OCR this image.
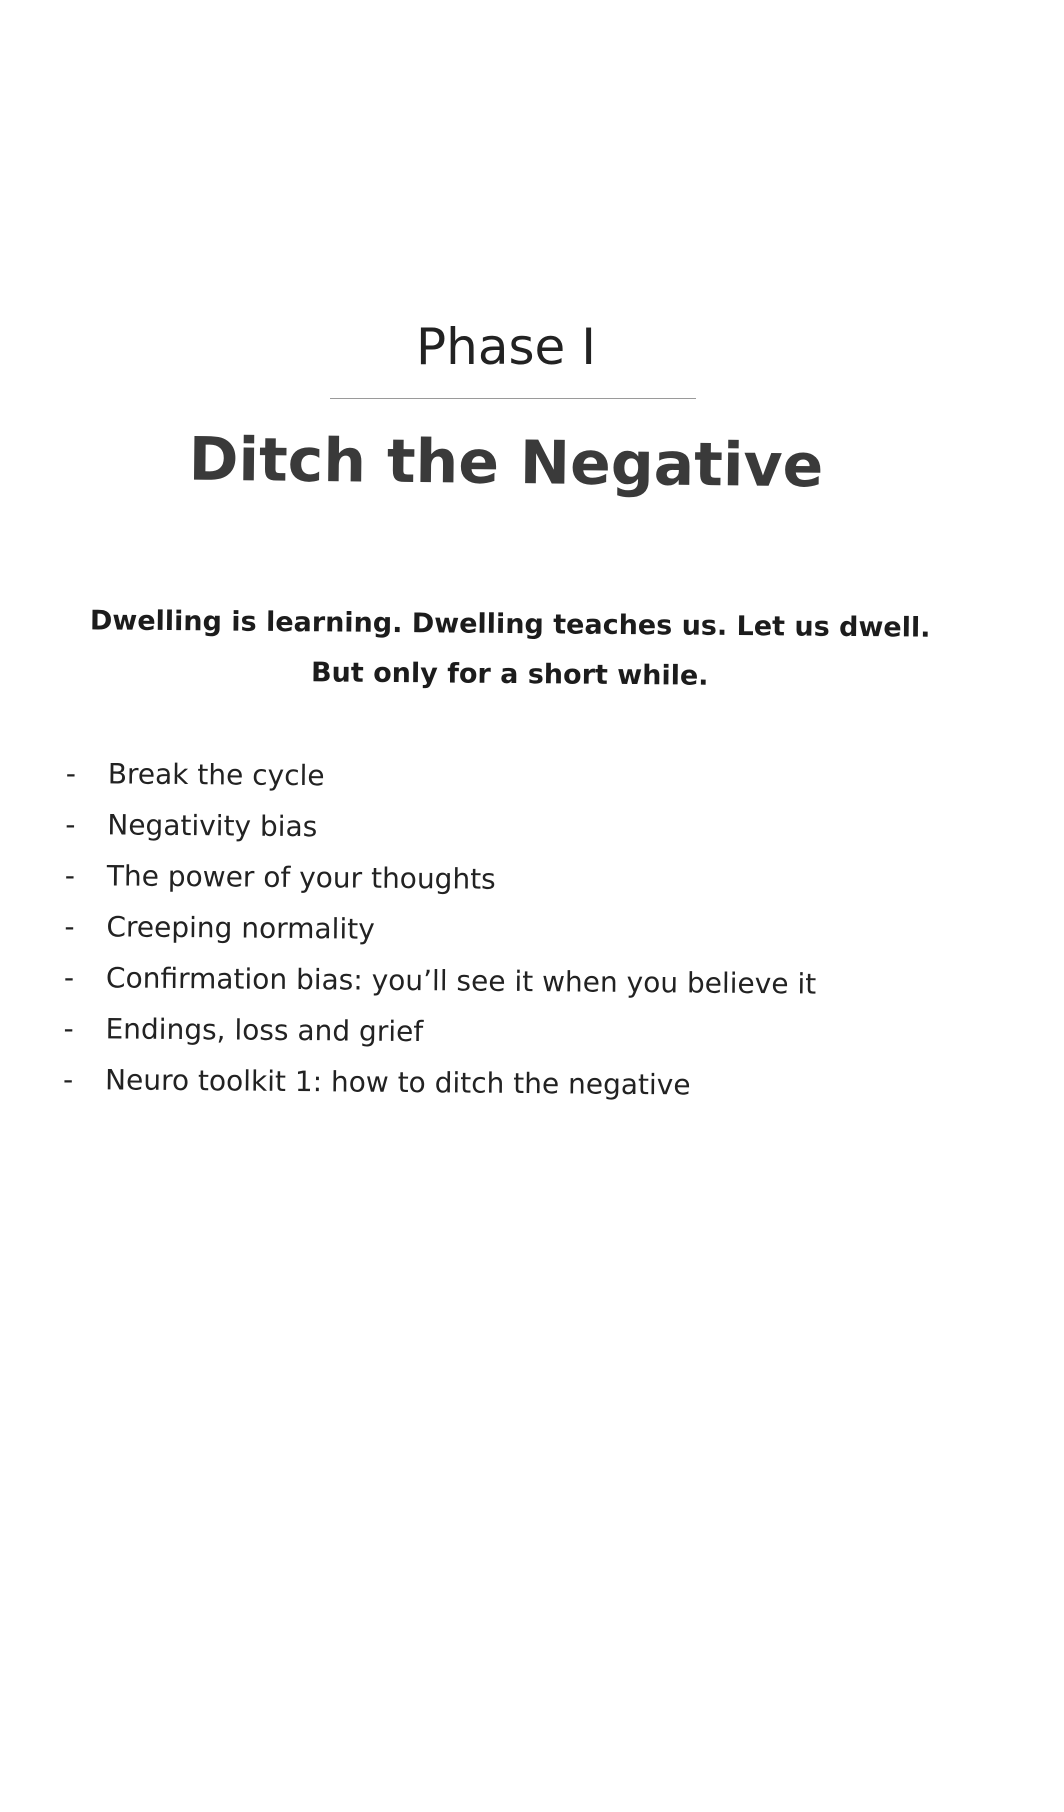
Phase I
Ditch the Negative
Dwelling is learning. Dwelling teaches us. Let us dwell.
But only for a short while.
- Break the cycle
- Negativity bias
- The power of your thoughts
- Creeping normality
- Confirmation bias: you’ll see it when you believe it
- Endings, loss and grief
- Neuro toolkit 1: how to ditch the negative
